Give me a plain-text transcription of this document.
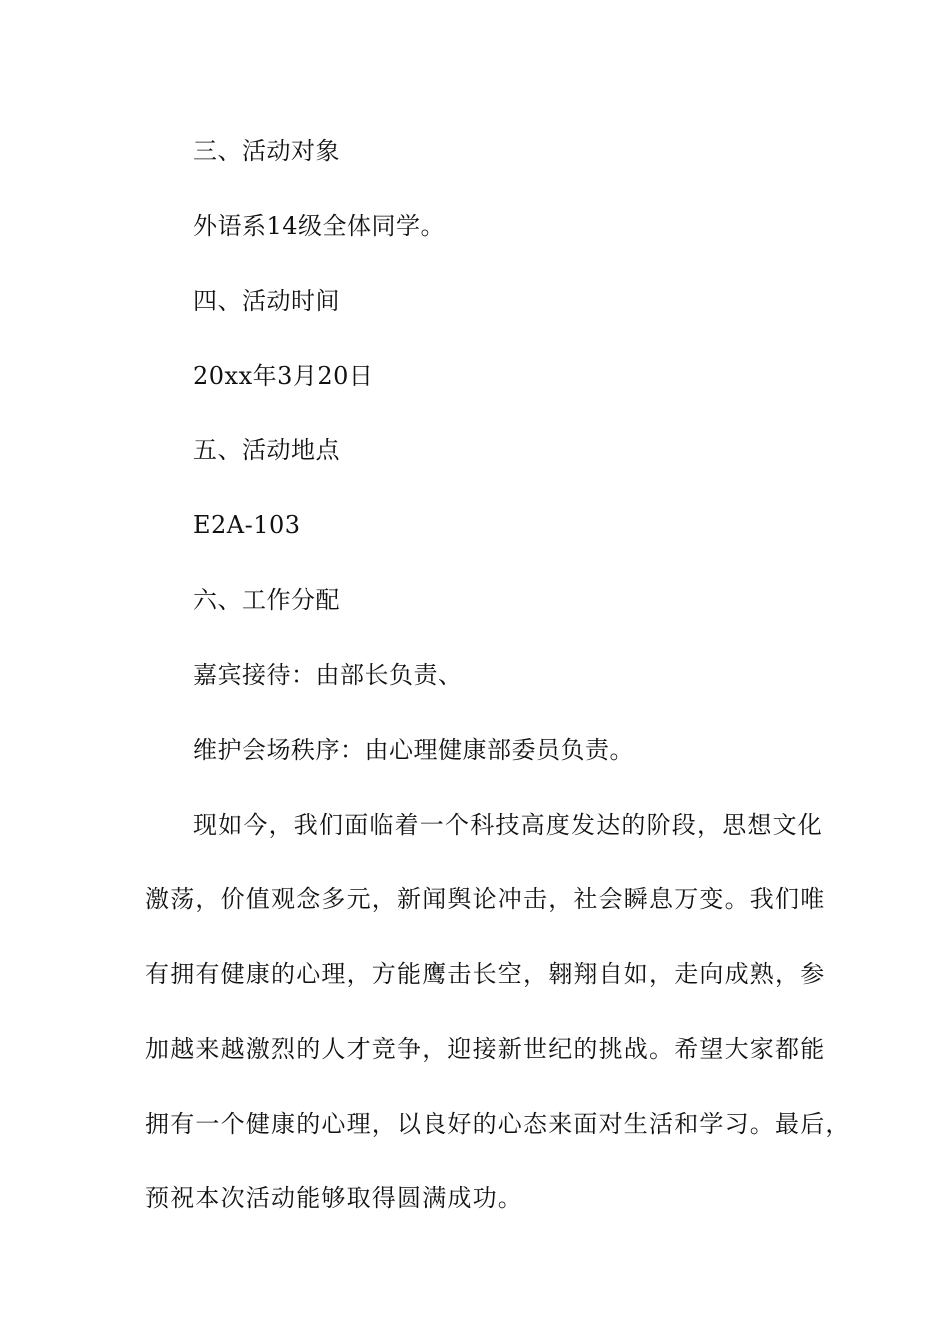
三、活动对象
外语系14级全体同学。
四、活动时间
20xx年3月20日
五、活动地点
E2A-103
六、工作分配
嘉宾接待：由部长负责、
维护会场秩序：由心理健康部委员负责。
现如今，我们面临着一个科技高度发达的阶段，思想文化
激荡，价值观念多元，新闻舆论冲击，社会瞬息万变。我们唯
有拥有健康的心理，方能鹰击长空，翱翔自如，走向成熟，参
加越来越激烈的人才竞争，迎接新世纪的挑战。希望大家都能
拥有一个健康的心理，以良好的心态来面对生活和学习。最后，
预祝本次活动能够取得圆满成功。
